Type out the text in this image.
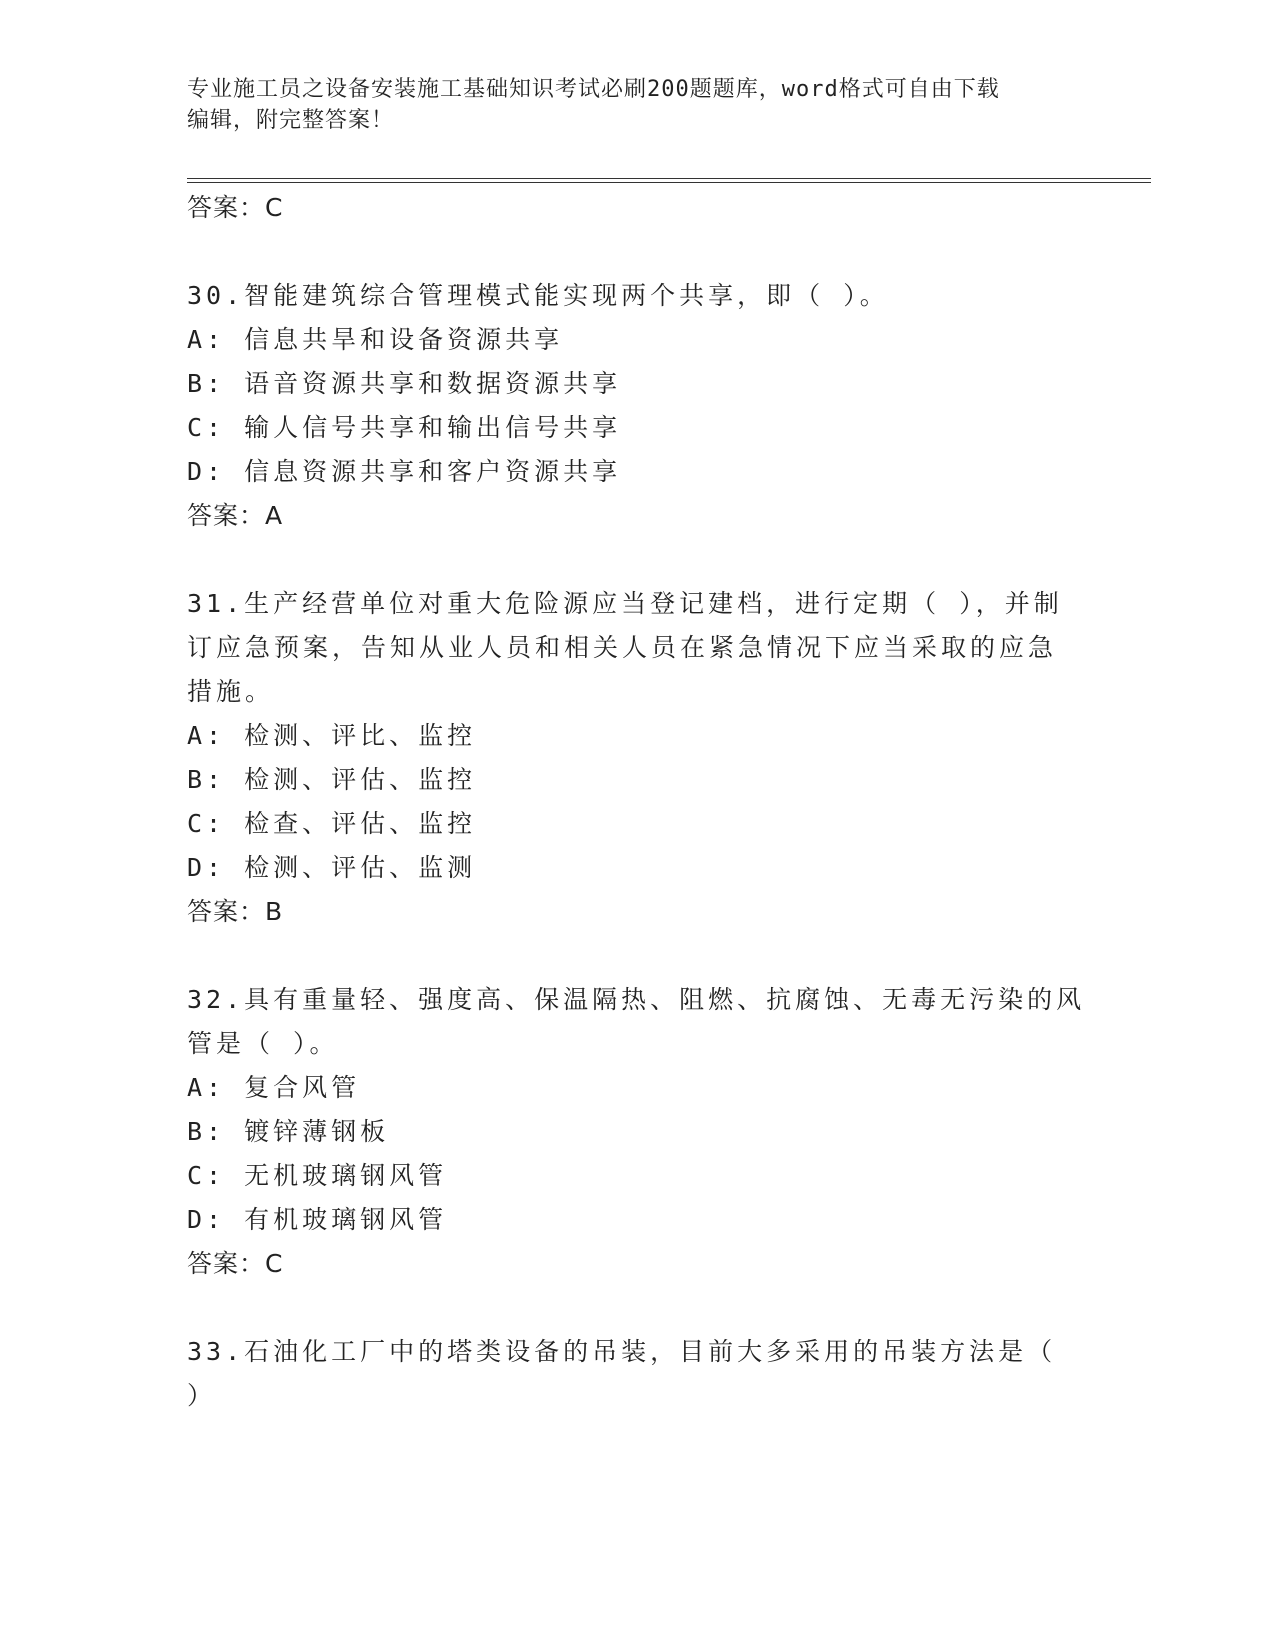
专业施工员之设备安装施工基础知识考试必刷200题题库，word格式可自由下载
编辑，附完整答案！

答案：C

30.智能建筑综合管理模式能实现两个共享，即（ ）。

A: 信息共旱和设备资源共享

B: 语音资源共享和数据资源共享

C: 输人信号共享和输出信号共享

D: 信息资源共享和客户资源共享

答案：A

31.生产经营单位对重大危险源应当登记建档，进行定期（ ），并制

订应急预案，告知从业人员和相关人员在紧急情况下应当采取的应急

措施。

A: 检测、评比、监控

B: 检测、评估、监控

C: 检查、评估、监控

D: 检测、评估、监测

答案：B

32.具有重量轻、强度高、保温隔热、阻燃、抗腐蚀、无毒无污染的风

管是（ ）。

A: 复合风管

B: 镀锌薄钢板

C: 无机玻璃钢风管

D: 有机玻璃钢风管

答案：C

33.石油化工厂中的塔类设备的吊装，目前大多采用的吊装方法是（

）
